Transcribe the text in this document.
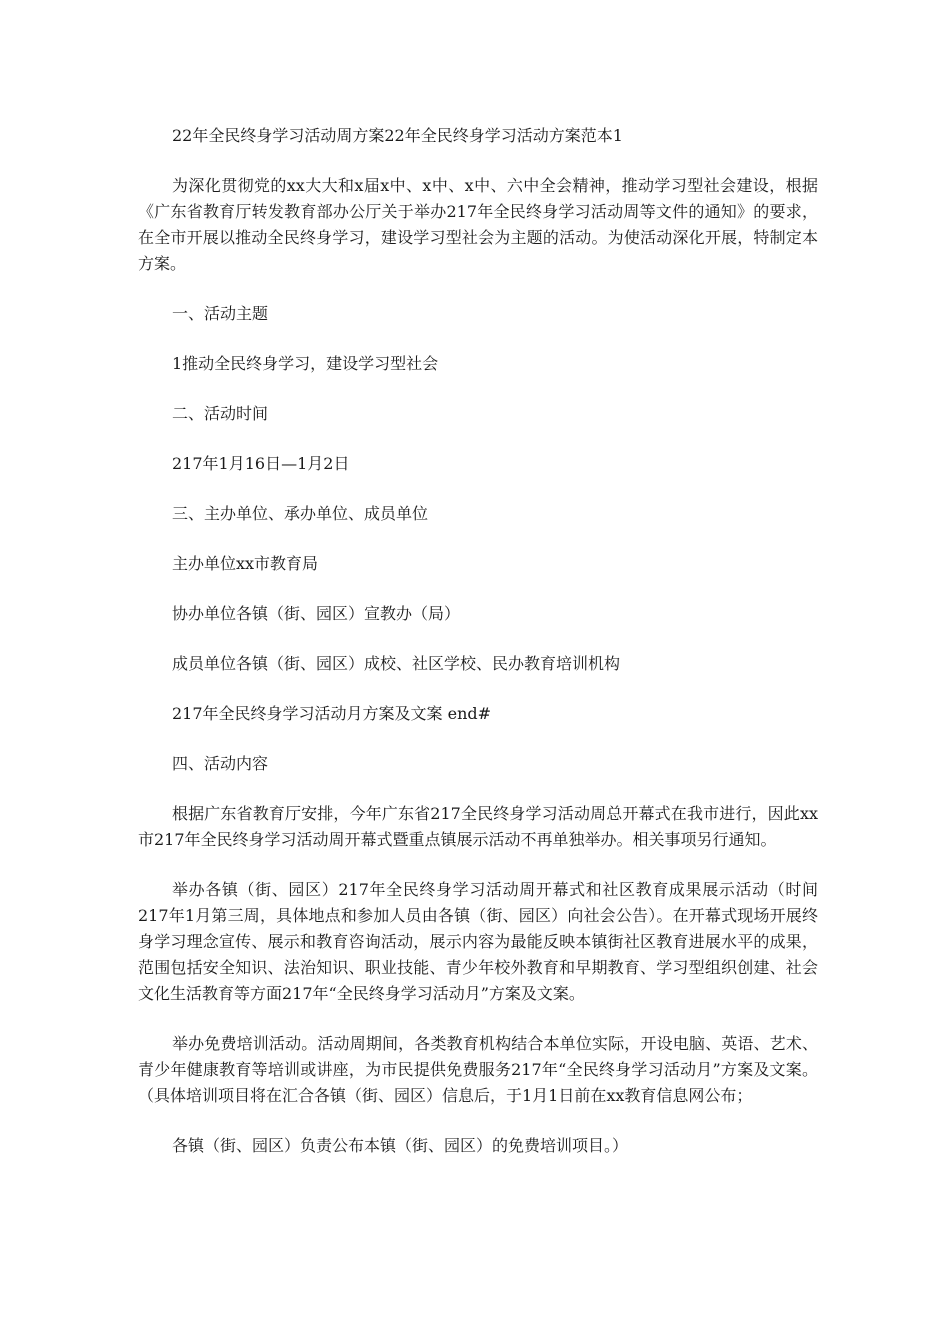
22年全民终身学习活动周方案22年全民终身学习活动方案范本1

为深化贯彻党的xx大大和x届x中、x中、x中、六中全会精神，推动学习型社会建设，根据《广东省教育厅转发教育部办公厅关于举办217年全民终身学习活动周等文件的通知》的要求，在全市开展以推动全民终身学习，建设学习型社会为主题的活动。为使活动深化开展，特制定本方案。

一、活动主题

1推动全民终身学习，建设学习型社会

二、活动时间

217年1月16日—1月2日

三、主办单位、承办单位、成员单位

主办单位xx市教育局

协办单位各镇（街、园区）宣教办（局）

成员单位各镇（街、园区）成校、社区学校、民办教育培训机构

217年全民终身学习活动月方案及文案 end#

四、活动内容

根据广东省教育厅安排，今年广东省217全民终身学习活动周总开幕式在我市进行，因此xx市217年全民终身学习活动周开幕式暨重点镇展示活动不再单独举办。相关事项另行通知。

举办各镇（街、园区）217年全民终身学习活动周开幕式和社区教育成果展示活动（时间217年1月第三周，具体地点和参加人员由各镇（街、园区）向社会公告）。在开幕式现场开展终身学习理念宣传、展示和教育咨询活动，展示内容为最能反映本镇街社区教育进展水平的成果，范围包括安全知识、法治知识、职业技能、青少年校外教育和早期教育、学习型组织创建、社会文化生活教育等方面217年“全民终身学习活动月”方案及文案。

举办免费培训活动。活动周期间，各类教育机构结合本单位实际，开设电脑、英语、艺术、青少年健康教育等培训或讲座，为市民提供免费服务217年“全民终身学习活动月”方案及文案。（具体培训项目将在汇合各镇（街、园区）信息后，于1月1日前在xx教育信息网公布；

各镇（街、园区）负责公布本镇（街、园区）的免费培训项目。）
